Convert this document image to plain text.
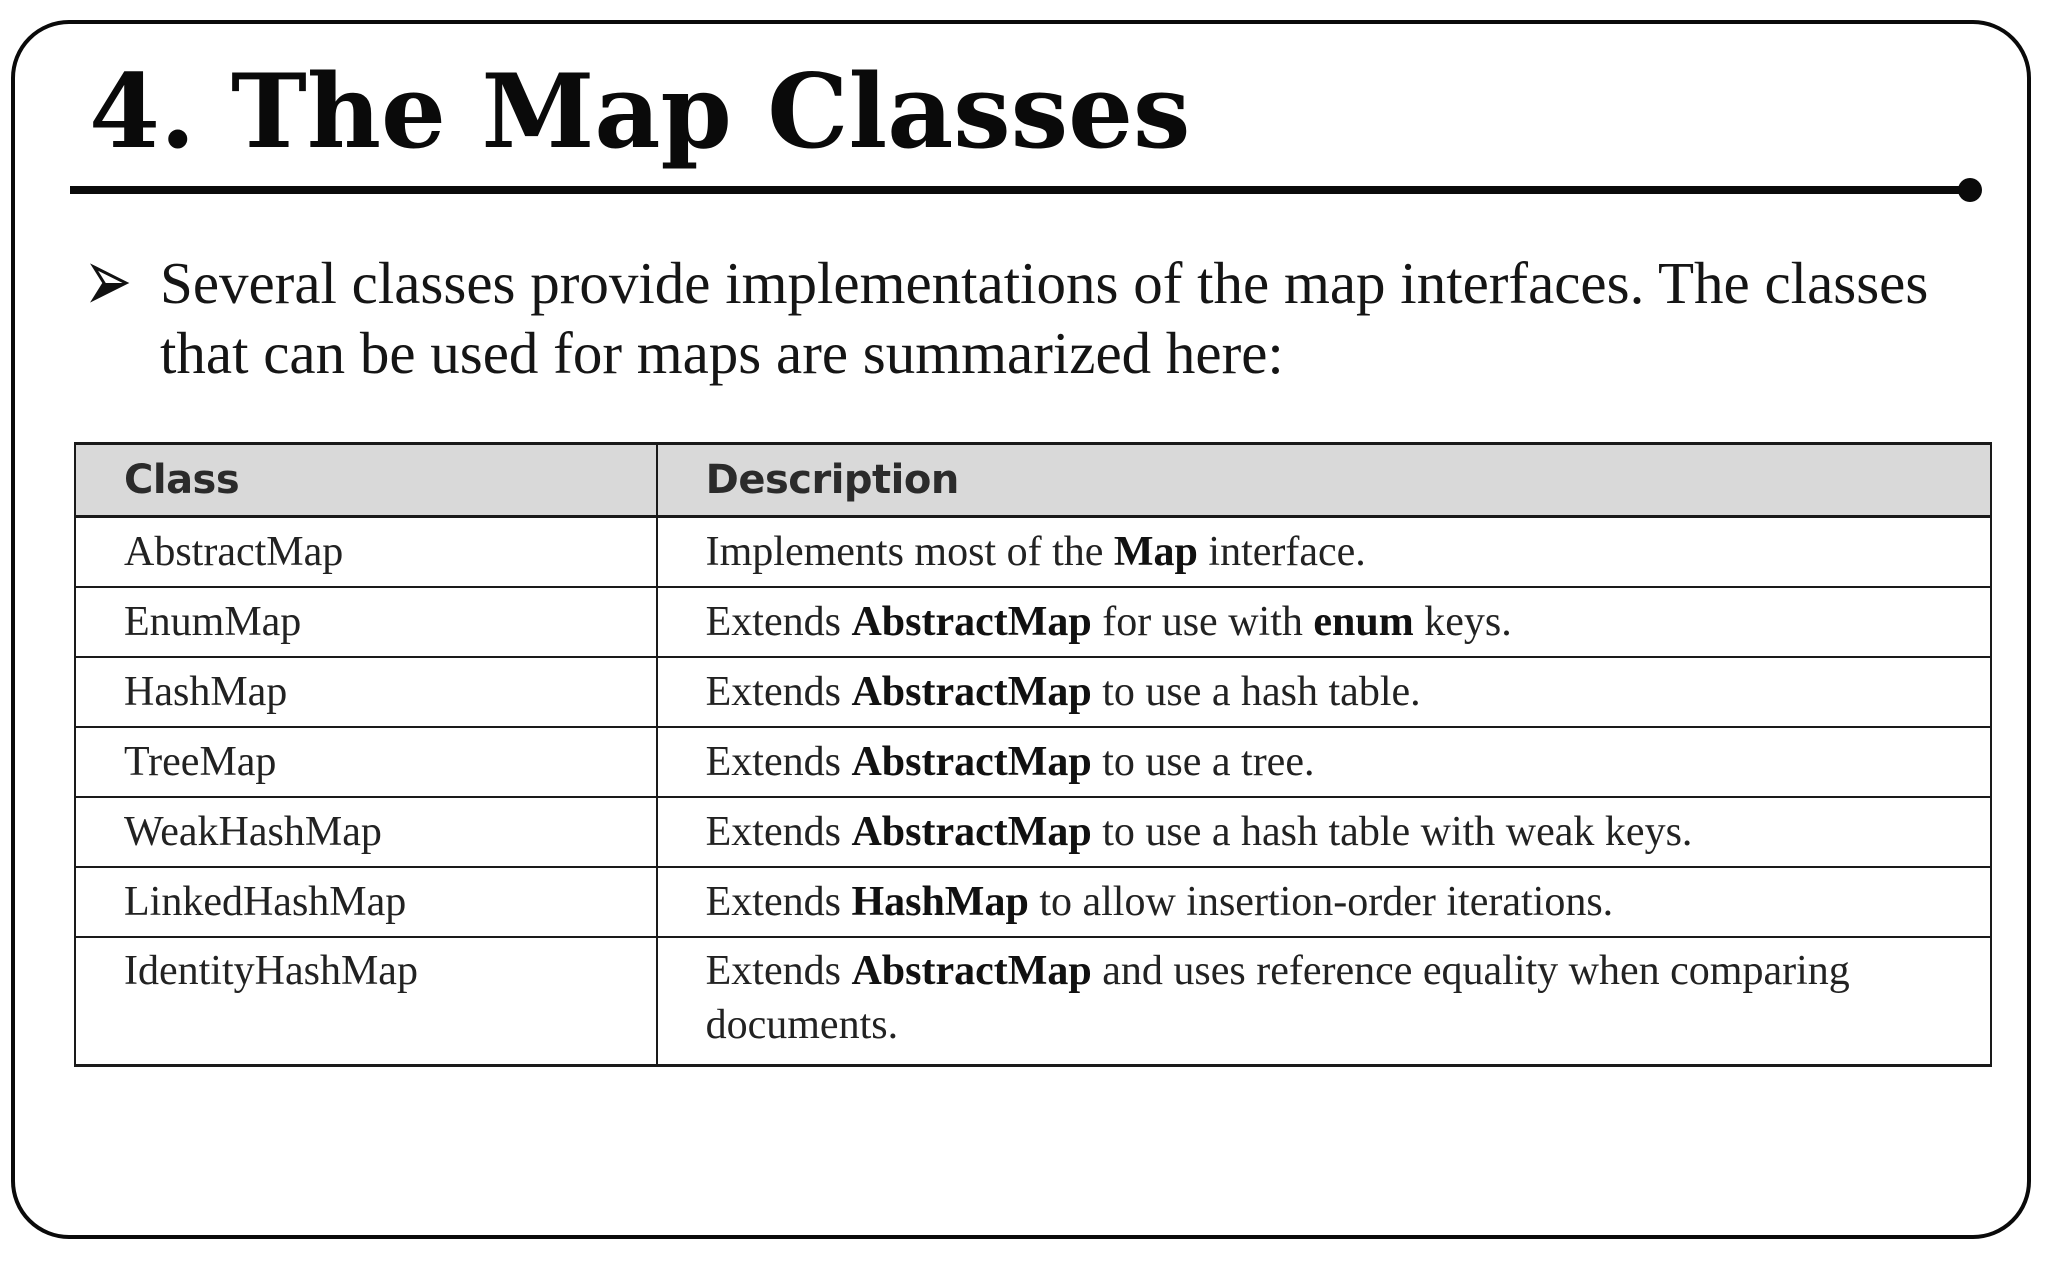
4. The Map Classes

Several classes provide implementations of the map interfaces. The classes that can be used for maps are summarized here:

Class	Description
AbstractMap	Implements most of the Map interface.
EnumMap	Extends AbstractMap for use with enum keys.
HashMap	Extends AbstractMap to use a hash table.
TreeMap	Extends AbstractMap to use a tree.
WeakHashMap	Extends AbstractMap to use a hash table with weak keys.
LinkedHashMap	Extends HashMap to allow insertion-order iterations.
IdentityHashMap	Extends AbstractMap and uses reference equality when comparing documents.
